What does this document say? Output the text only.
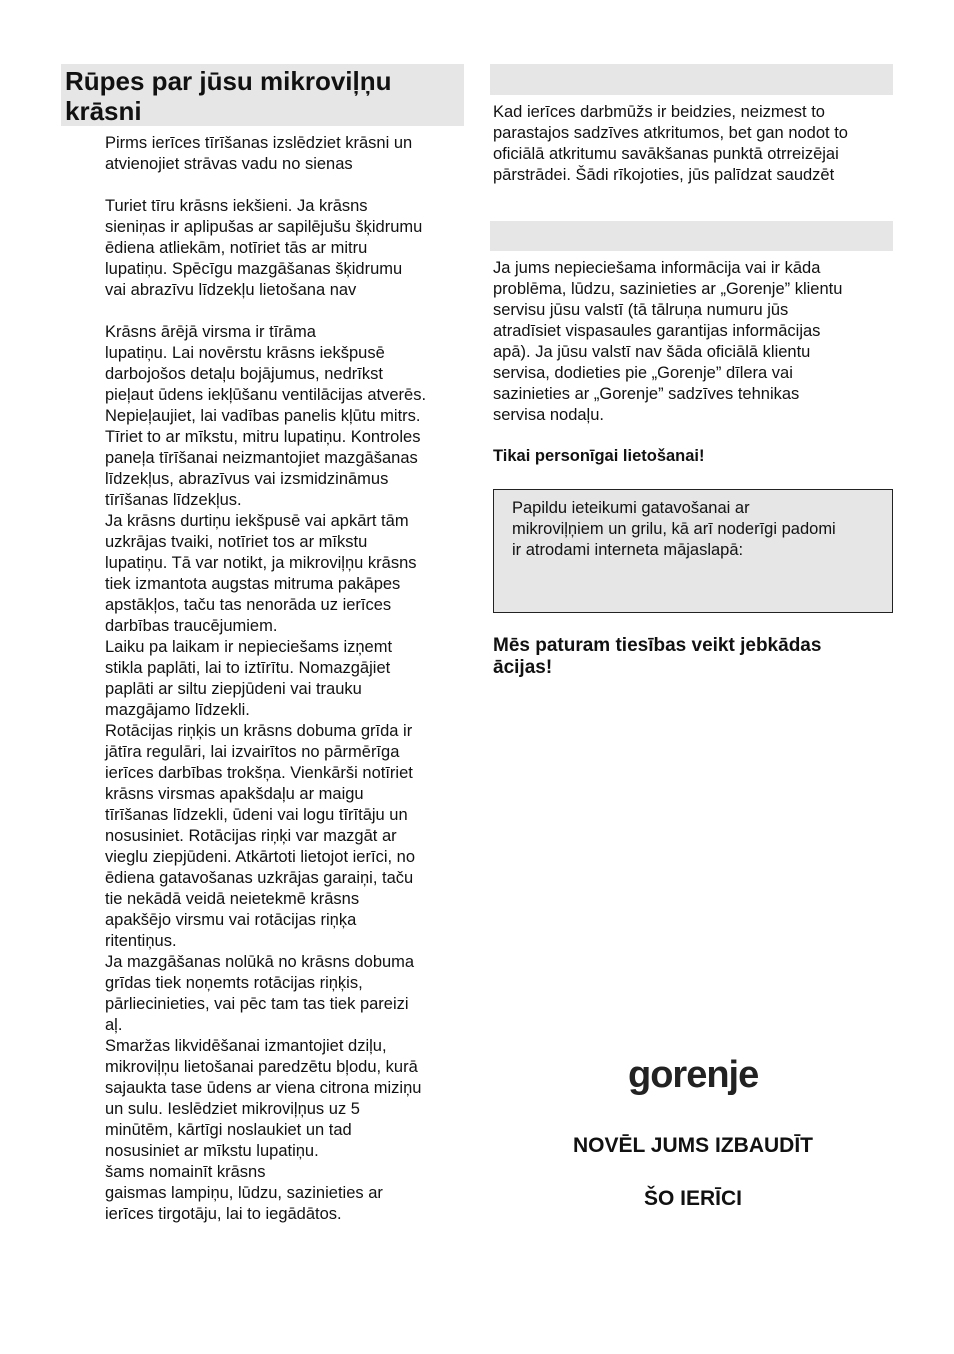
Rūpes par jūsu mikroviļņu
krāsni

Pirms ierīces tīrīšanas izslēdziet krāsni un
atvienojiet strāvas vadu no sienas

Turiet tīru krāsns iekšieni. Ja krāsns
sieniņas ir aplipušas ar sapilējušu šķidrumu
ēdiena atliekām, notīriet tās ar mitru
lupatiņu. Spēcīgu mazgāšanas šķidrumu
vai abrazīvu līdzekļu lietošana nav

Krāsns ārējā virsma ir tīrāma
lupatiņu. Lai novērstu krāsns iekšpusē
darbojošos detaļu bojājumus, nedrīkst
pieļaut ūdens iekļūšanu ventilācijas atverēs.
Nepieļaujiet, lai vadības panelis kļūtu mitrs.
Tīriet to ar mīkstu, mitru lupatiņu. Kontroles
paneļa tīrīšanai neizmantojiet mazgāšanas
līdzekļus, abrazīvus vai izsmidzināmus
tīrīšanas līdzekļus.

Ja krāsns durtiņu iekšpusē vai apkārt tām
uzkrājas tvaiki, notīriet tos ar mīkstu
lupatiņu. Tā var notikt, ja mikroviļņu krāsns
tiek izmantota augstas mitruma pakāpes
apstākļos, taču tas nenorāda uz ierīces
darbības traucējumiem.

Laiku pa laikam ir nepieciešams izņemt
stikla paplāti, lai to iztīrītu. Nomazgājiet
paplāti ar siltu ziepjūdeni vai trauku
mazgājamo līdzekli.

Rotācijas riņķis un krāsns dobuma grīda ir
jātīra regulāri, lai izvairītos no pārmērīga
ierīces darbības trokšņa. Vienkārši notīriet
krāsns virsmas apakšdaļu ar maigu
tīrīšanas līdzekli, ūdeni vai logu tīrītāju un
nosusiniet. Rotācijas riņķi var mazgāt ar
vieglu ziepjūdeni. Atkārtoti lietojot ierīci, no
ēdiena gatavošanas uzkrājas garaiņi, taču
tie nekādā veidā neietekmē krāsns
apakšējo virsmu vai rotācijas riņķa
ritentiņus.

Ja mazgāšanas nolūkā no krāsns dobuma
grīdas tiek noņemts rotācijas riņķis,
pārliecinieties, vai pēc tam tas tiek pareizi
aļ.

Smaržas likvidēšanai izmantojiet dziļu,
mikroviļņu lietošanai paredzētu bļodu, kurā
sajaukta tase ūdens ar viena citrona miziņu
un sulu. Ieslēdziet mikroviļņus uz 5
minūtēm, kārtīgi noslaukiet un tad
nosusiniet ar mīkstu lupatiņu.
šams nomainīt krāsns
gaismas lampiņu, lūdzu, sazinieties ar
ierīces tirgotāju, lai to iegādātos.

Kad ierīces darbmūžs ir beidzies, neizmest to
parastajos sadzīves atkritumos, bet gan nodot to
oficiālā atkritumu savākšanas punktā otrreizējai
pārstrādei. Šādi rīkojoties, jūs palīdzat saudzēt

Ja jums nepieciešama informācija vai ir kāda
problēma, lūdzu, sazinieties ar „Gorenje” klientu
servisu jūsu valstī (tā tālruņa numuru jūs
atradīsiet vispasaules garantijas informācijas
apā). Ja jūsu valstī nav šāda oficiālā klientu
servisa, dodieties pie „Gorenje” dīlera vai
sazinieties ar „Gorenje” sadzīves tehnikas
servisa nodaļu.

Tikai personīgai lietošanai!
Papildu ieteikumi gatavošanai ar
mikroviļņiem un grilu, kā arī noderīgi padomi
ir atrodami interneta mājaslapā:
Mēs paturam tiesības veikt jebkādas
ācijas!
gorenje
NOVĒL JUMS IZBAUDĪT
ŠO IERĪCI
